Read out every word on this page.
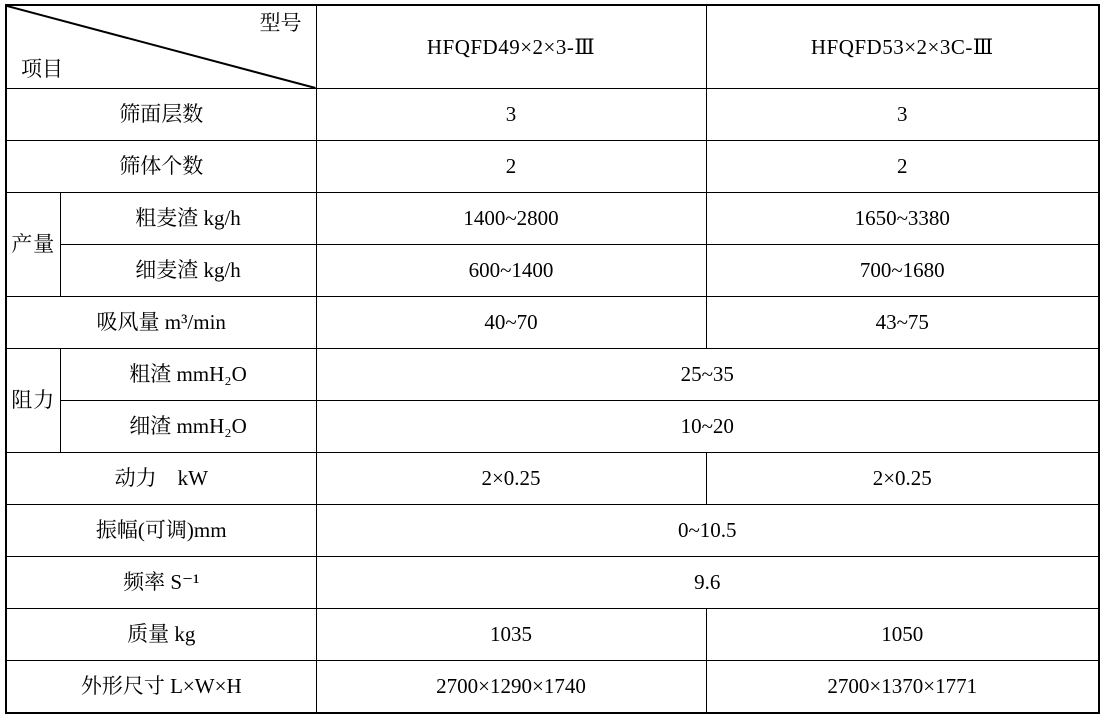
型号
项目		HFQFD49×2×3-Ⅲ	HFQFD53×2×3C-Ⅲ
筛面层数		3	3
筛体个数		2	2
产量	粗麦渣 kg/h	1400~2800	1650~3380
	细麦渣 kg/h	600~1400	700~1680
吸风量 m³/min		40~70	43~75
阻力	粗渣 mmH₂O	25~35	
	细渣 mmH₂O	10~20	
动力　kW		2×0.25	2×0.25
振幅(可调)mm		0~10.5	
频率 S⁻¹		9.6	
质量 kg		1035	1050
外形尺寸 L×W×H		2700×1290×1740	2700×1370×1771
